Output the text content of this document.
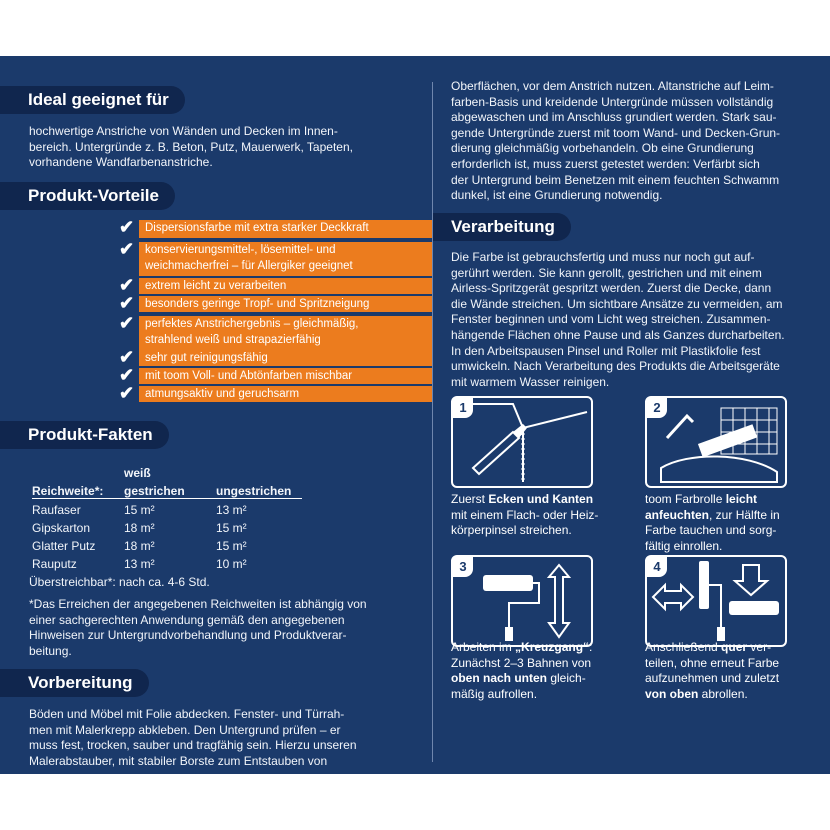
Ideal geeignet für
hochwertige Anstriche von Wänden und Decken im Innen-
bereich. Untergründe z. B. Beton, Putz, Mauerwerk, Tapeten,
vorhandene Wandfarbenanstriche.
Produkt-Vorteile
✔ Dispersionsfarbe mit extra starker Deckkraft
✔ konservierungsmittel-, lösemittel- und
weichmacherfrei – für Allergiker geeignet
✔ extrem leicht zu verarbeiten
✔ besonders geringe Tropf- und Spritzneigung
✔ perfektes Anstrichergebnis – gleichmäßig,
strahlend weiß und strapazierfähig
✔ sehr gut reinigungsfähig
✔ mit toom Voll- und Abtönfarben mischbar
✔ atmungsaktiv und geruchsarm
Produkt-Fakten
	weiß	
Reichweite*:	gestrichen	ungestrichen
Raufaser	15 m²	13 m²
Gipskarton	18 m²	15 m²
Glatter Putz	18 m²	15 m²
Rauputz	13 m²	10 m²
Überstreichbar*: nach ca. 4-6 Std.
*Das Erreichen der angegebenen Reichweiten ist abhängig von
einer sachgerechten Anwendung gemäß den angegebenen
Hinweisen zur Untergrundvorbehandlung und Produktverar-
beitung.
Vorbereitung
Böden und Möbel mit Folie abdecken. Fenster- und Türrah-
men mit Malerkrepp abkleben. Den Untergrund prüfen – er
muss fest, trocken, sauber und tragfähig sein. Hierzu unseren
Malerabstauber, mit stabiler Borste zum Entstauben von
Oberflächen, vor dem Anstrich nutzen. Altanstriche auf Leim-
farben-Basis und kreidende Untergründe müssen vollständig
abgewaschen und im Anschluss grundiert werden. Stark sau-
gende Untergründe zuerst mit toom Wand- und Decken-Grun-
dierung gleichmäßig vorbehandeln. Ob eine Grundierung
erforderlich ist, muss zuerst getestet werden: Verfärbt sich
der Untergrund beim Benetzen mit einem feuchten Schwamm
dunkel, ist eine Grundierung notwendig.
Verarbeitung
Die Farbe ist gebrauchsfertig und muss nur noch gut auf-
gerührt werden. Sie kann gerollt, gestrichen und mit einem
Airless-Spritzgerät gespritzt werden. Zuerst die Decke, dann
die Wände streichen. Um sichtbare Ansätze zu vermeiden, am
Fenster beginnen und vom Licht weg streichen. Zusammen-
hängende Flächen ohne Pause und als Ganzes durcharbeiten.
In den Arbeitspausen Pinsel und Roller mit Plastikfolie fest
umwickeln. Nach Verarbeitung des Produkts die Arbeitsgeräte
mit warmem Wasser reinigen.
1
Zuerst Ecken und Kanten
mit einem Flach- oder Heiz-
körperpinsel streichen.
2
toom Farbrolle leicht
anfeuchten, zur Hälfte in
Farbe tauchen und sorg-
fältig einrollen.
3
Arbeiten im „Kreuzgang“:
Zunächst 2–3 Bahnen von
oben nach unten gleich-
mäßig aufrollen.
4
Anschließend quer ver-
teilen, ohne erneut Farbe
aufzunehmen und zuletzt
von oben abrollen.
